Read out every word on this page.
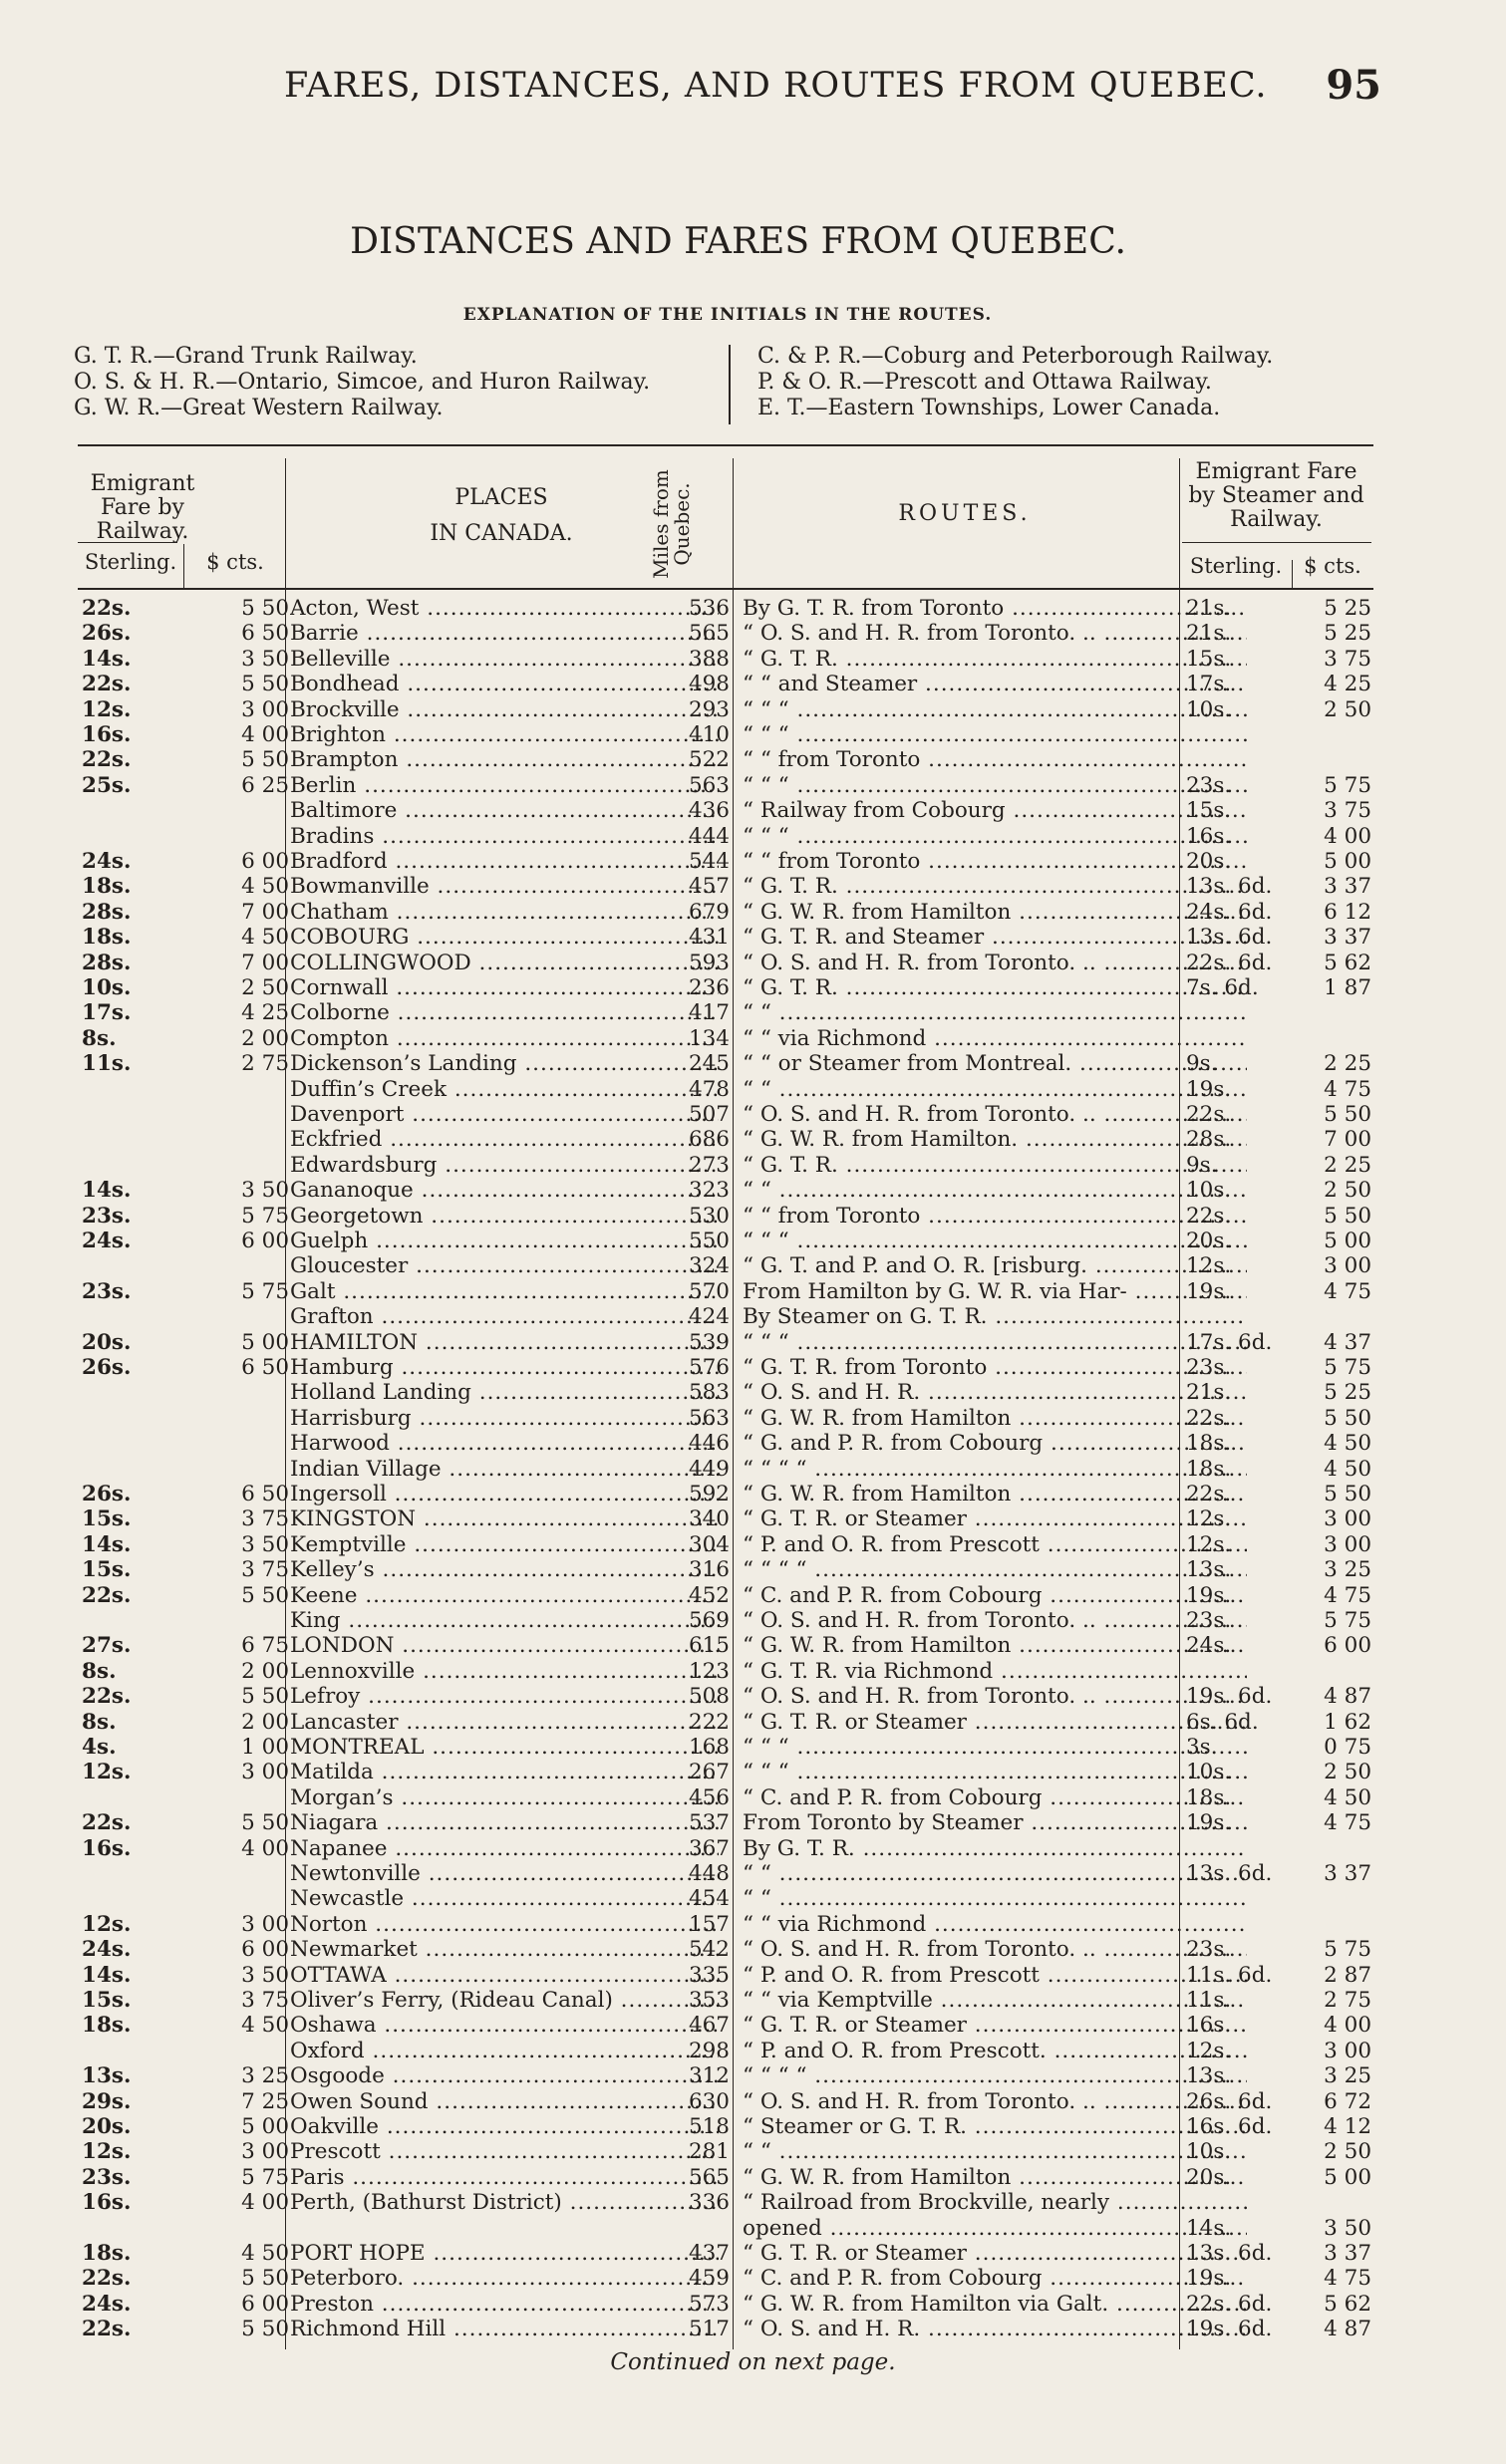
FARES, DISTANCES, AND ROUTES FROM QUEBEC. 95
DISTANCES AND FARES FROM QUEBEC.
EXPLANATION OF THE INITIALS IN THE ROUTES.
G. T. R.—Grand Trunk Railway.
O. S. & H. R.—Ontario, Simcoe, and Huron Railway.
G. W. R.—Great Western Railway.
C. & P. R.—Coburg and Peterborough Railway.
P. & O. R.—Prescott and Ottawa Railway.
E. T.—Eastern Townships, Lower Canada.
Emigrant Fare by Railway.
Sterling.	$ cts.
PLACES
IN CANADA.
ROUTES.
Emigrant Fare by Steamer and Railway.
Sterling.	$ cts.
22s.	5 50 Acton, West .....	536 By G. T. R. from Toronto .....	21s.	5 25
26s.	6 50 Barrie .....	565 “ O. S. and H. R. from Toronto. .. .....	21s.	5 25
14s.	3 50 Belleville .....	388 “ G. T. R. .....	15s.	3 75
22s.	5 50 Bondhead .....	498 “ “ and Steamer .....	17s.	4 25
12s.	3 00 Brockville .....	293 “ “ “ .....	10s.	2 50
16s.	4 00 Brighton .....	410 “ “ “ .....
22s.	5 50 Brampton .....	522 “ “ from Toronto .....
25s.	6 25 Berlin .....	563 “ “ “ .....	23s.	5 75
Baltimore .....	436 “ Railway from Cobourg .....	15s.	3 75
Bradins .....	444 “ “ “ .....	16s.	4 00
24s.	6 00 Bradford .....	544 “ “ from Toronto .....	20s.	5 00
18s.	4 50 Bowmanville .....	457 “ G. T. R. .....	13s. 6d.	3 37
28s.	7 00 Chatham .....	679 “ G. W. R. from Hamilton .....	24s. 6d.	6 12
18s.	4 50 COBOURG .....	431 “ G. T. R. and Steamer .....	13s. 6d.	3 37
28s.	7 00 COLLINGWOOD .....	593 “ O. S. and H. R. from Toronto. .. .....	22s. 6d.	5 62
10s.	2 50 Cornwall .....	236 “ G. T. R. .....	7s. 6d.	1 87
17s.	4 25 Colborne .....	417 “ “ .....
8s.	2 00 Compton .....	134 “ “ via Richmond .....
11s.	2 75 Dickenson’s Landing .....	245 “ “ or Steamer from Montreal. .....	9s.	2 25
Duffin’s Creek .....	478 “ “ .....	19s.	4 75
Davenport .....	507 “ O. S. and H. R. from Toronto. .. .....	22s.	5 50
Eckfried .....	686 “ G. W. R. from Hamilton. .....	28s.	7 00
Edwardsburg .....	273 “ G. T. R. .....	9s.	2 25
14s.	3 50 Gananoque .....	323 “ “ .....	10s.	2 50
23s.	5 75 Georgetown .....	530 “ “ from Toronto .....	22s.	5 50
24s.	6 00 Guelph .....	550 “ “ “ .....	20s.	5 00
Gloucester .....	324 “ G. T. and P. and O. R. [risburg. .....	12s.	3 00
23s.	5 75 Galt .....	570 From Hamilton by G. W. R. via Har- .....	19s.	4 75
Grafton .....	424 By Steamer on G. T. R. .....
20s.	5 00 HAMILTON .....	539 “ “ “ .....	17s. 6d.	4 37
26s.	6 50 Hamburg .....	576 “ G. T. R. from Toronto .....	23s.	5 75
Holland Landing .....	583 “ O. S. and H. R. .....	21s.	5 25
Harrisburg .....	563 “ G. W. R. from Hamilton .....	22s.	5 50
Harwood .....	446 “ G. and P. R. from Cobourg .....	18s.	4 50
Indian Village .....	449 “ “ “ “ .....	18s.	4 50
26s.	6 50 Ingersoll .....	592 “ G. W. R. from Hamilton .....	22s.	5 50
15s.	3 75 KINGSTON .....	340 “ G. T. R. or Steamer .....	12s.	3 00
14s.	3 50 Kemptville .....	304 “ P. and O. R. from Prescott .....	12s.	3 00
15s.	3 75 Kelley’s .....	316 “ “ “ “ .....	13s.	3 25
22s.	5 50 Keene .....	452 “ C. and P. R. from Cobourg .....	19s.	4 75
King .....	569 “ O. S. and H. R. from Toronto. .. .....	23s.	5 75
27s.	6 75 LONDON .....	615 “ G. W. R. from Hamilton .....	24s.	6 00
8s.	2 00 Lennoxville .....	123 “ G. T. R. via Richmond .....
22s.	5 50 Lefroy .....	508 “ O. S. and H. R. from Toronto. .. .....	19s. 6d.	4 87
8s.	2 00 Lancaster .....	222 “ G. T. R. or Steamer .....	6s. 6d.	1 62
4s.	1 00 MONTREAL .....	168 “ “ “ .....	3s.	0 75
12s.	3 00 Matilda .....	267 “ “ “ .....	10s.	2 50
Morgan’s .....	456 “ C. and P. R. from Cobourg .....	18s.	4 50
22s.	5 50 Niagara .....	537 From Toronto by Steamer .....	19s.	4 75
16s.	4 00 Napanee .....	367 By G. T. R. .....
Newtonville .....	448 “ “ .....	13s. 6d.	3 37
Newcastle .....	454 “ “ .....
12s.	3 00 Norton .....	157 “ “ via Richmond .....
24s.	6 00 Newmarket .....	542 “ O. S. and H. R. from Toronto. .. .....	23s.	5 75
14s.	3 50 OTTAWA .....	335 “ P. and O. R. from Prescott .....	11s. 6d.	2 87
15s.	3 75 Oliver’s Ferry, (Rideau Canal) .....	353 “ “ via Kemptville .....	11s.	2 75
18s.	4 50 Oshawa .....	467 “ G. T. R. or Steamer .....	16s.	4 00
Oxford .....	298 “ P. and O. R. from Prescott. .....	12s.	3 00
13s.	3 25 Osgoode .....	312 “ “ “ “ .....	13s.	3 25
29s.	7 25 Owen Sound .....	630 “ O. S. and H. R. from Toronto. .. .....	26s. 6d.	6 72
20s.	5 00 Oakville .....	518 “ Steamer or G. T. R. .....	16s. 6d.	4 12
12s.	3 00 Prescott .....	281 “ “ .....	10s.	2 50
23s.	5 75 Paris .....	565 “ G. W. R. from Hamilton .....	20s.	5 00
16s.	4 00 Perth, (Bathurst District) .....	336 “ Railroad from Brockville, nearly .....
opened .....	14s.	3 50
18s.	4 50 PORT HOPE .....	437 “ G. T. R. or Steamer .....	13s. 6d.	3 37
22s.	5 50 Peterboro. .....	459 “ C. and P. R. from Cobourg .....	19s.	4 75
24s.	6 00 Preston .....	573 “ G. W. R. from Hamilton via Galt. .....	22s. 6d.	5 62
22s.	5 50 Richmond Hill .....	517 “ O. S. and H. R. .....	19s. 6d.	4 87
Miles from Quebec.
Continued on next page.
